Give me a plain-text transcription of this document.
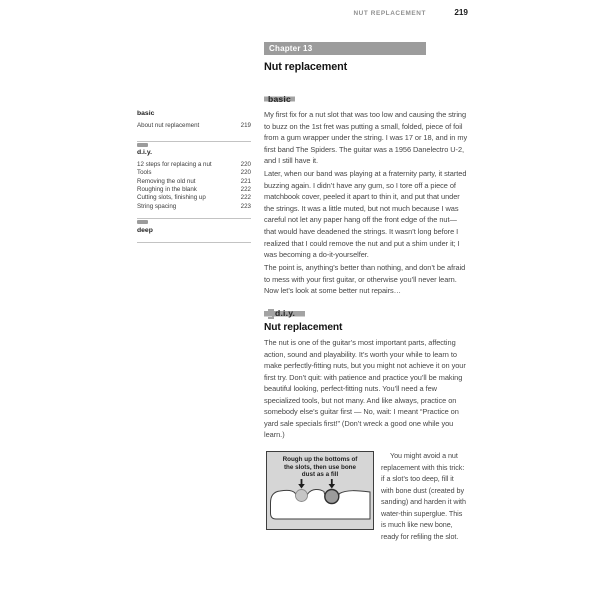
NUT REPLACEMENT	219
Chapter 13
Nut replacement
basic
About nut replacement	219
d.i.y.
12 steps for replacing a nut	220
Tools	220
Removing the old nut	221
Roughing in the blank	222
Cutting slots, finishing up	222
String spacing	223
deep
basic

My first fix for a nut slot that was too low and causing the string to buzz on the 1st fret was putting a small, folded, piece of foil from a gum wrapper under the string. I was 17 or 18, and in my first band The Spiders. The guitar was a 1956 Danelectro U-2, and I still have it.

Later, when our band was playing at a fraternity party, it started buzzing again. I didn’t have any gum, so I tore off a piece of matchbook cover, peeled it apart to thin it, and put that under the strings. It was a little muted, but not much because I was careful not let any paper hang off the front edge of the nut—that would have deadened the strings. It wasn’t long before I realized that I could remove the nut and put a shim under it; I was becoming a do-it-yourselfer.

The point is, anything’s better than nothing, and don’t be afraid to mess with your first guitar, or otherwise you’ll never learn. Now let’s look at some better nut repairs…

d.i.y.
Nut replacement

The nut is one of the guitar’s most important parts, affecting action, sound and playability. It’s worth your while to learn to make perfectly-fitting nuts, but you might not achieve it on your first try. Don’t quit: with patience and practice you’ll be making beautiful looking, perfect-fitting nuts. You’ll need a few specialized tools, but not many. And like always, practice on somebody else’s guitar first — No, wait: I meant “Practice on yard sale specials first!” (Don’t wreck a good one while you learn.)

Rough up the bottoms of the slots, then use bone dust as a fill
You might avoid a nut replacement with this trick: if a slot’s too deep, fill it with bone dust (created by sanding) and harden it with water-thin superglue. This is much like new bone, ready for refiling the slot.
